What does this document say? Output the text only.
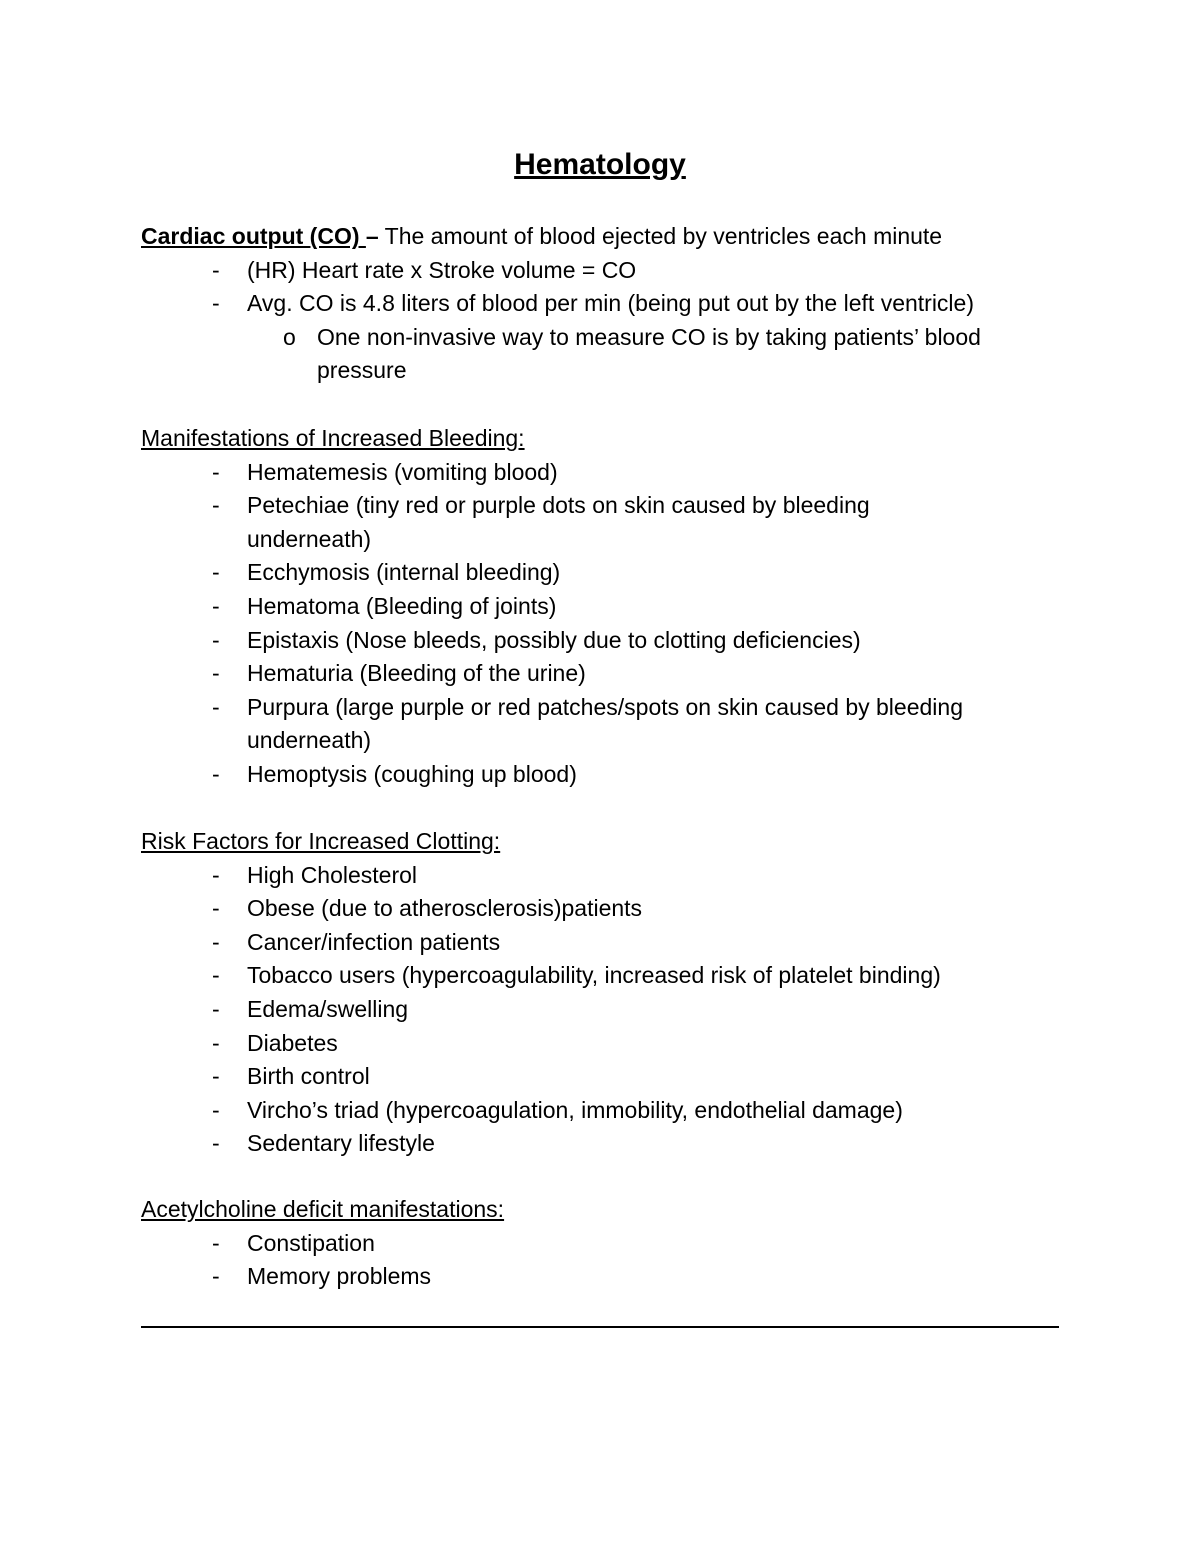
Hematology

Cardiac output (CO) – The amount of blood ejected by ventricles each minute

- (HR) Heart rate x Stroke volume = CO
- Avg. CO is 4.8 liters of blood per min (being put out by the left ventricle)
o One non-invasive way to measure CO is by taking patients’ blood pressure

Manifestations of Increased Bleeding:

- Hematemesis (vomiting blood)
- Petechiae (tiny red or purple dots on skin caused by bleeding underneath)
- Ecchymosis (internal bleeding)
- Hematoma (Bleeding of joints)
- Epistaxis (Nose bleeds, possibly due to clotting deficiencies)
- Hematuria (Bleeding of the urine)
- Purpura (large purple or red patches/spots on skin caused by bleeding underneath)
- Hemoptysis (coughing up blood)

Risk Factors for Increased Clotting:

- High Cholesterol
- Obese (due to atherosclerosis)patients
- Cancer/infection patients
- Tobacco users (hypercoagulability, increased risk of platelet binding)
- Edema/swelling
- Diabetes
- Birth control
- Vircho’s triad (hypercoagulation, immobility, endothelial damage)
- Sedentary lifestyle

Acetylcholine deficit manifestations:

- Constipation
- Memory problems
